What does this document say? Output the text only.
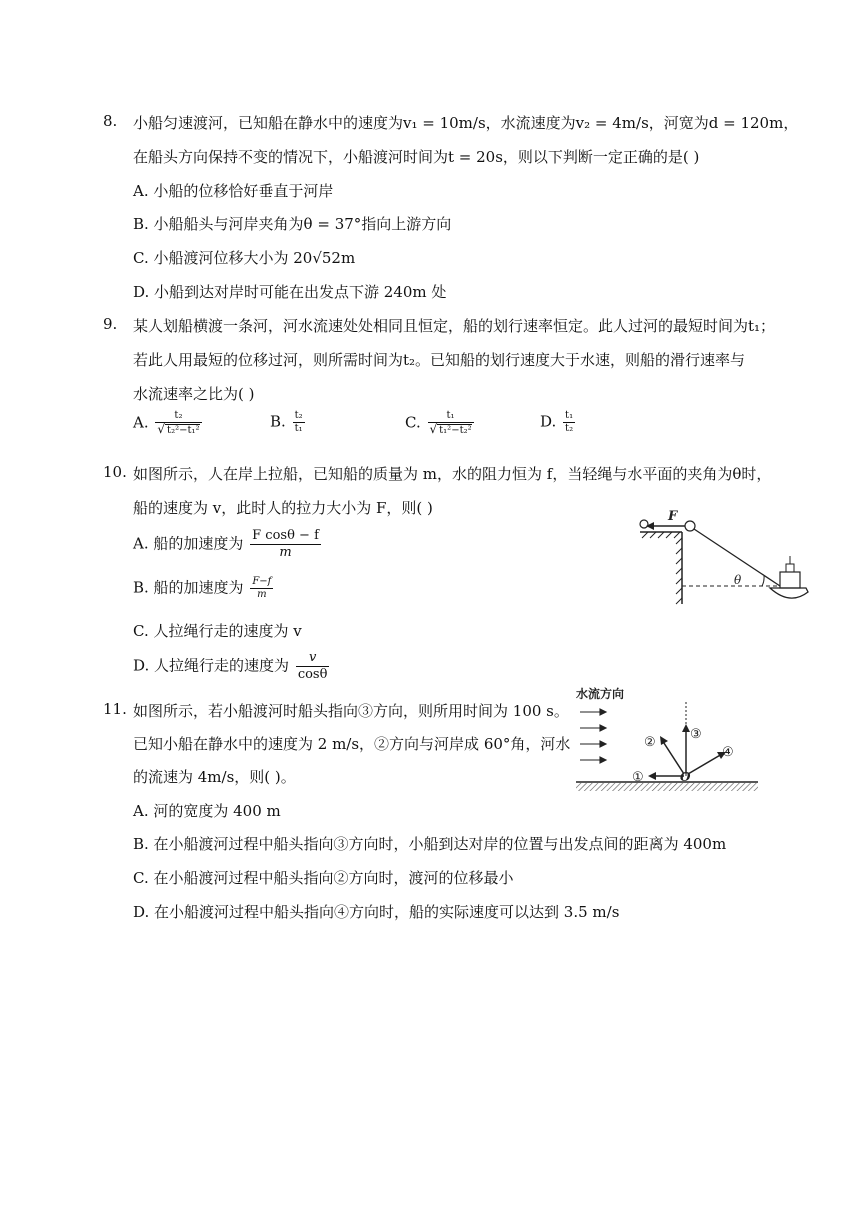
8. 小船匀速渡河，已知船在静水中的速度为v₁ = 10m/s，水流速度为v₂ = 4m/s，河宽为d = 120m，
在船头方向保持不变的情况下，小船渡河时间为t = 20s，则以下判断一定正确的是( )
A. 小船的位移恰好垂直于河岸
B. 小船船头与河岸夹角为θ = 37°指向上游方向
C. 小船渡河位移大小为 20√52m
D. 小船到达对岸时可能在出发点下游 240m 处
9. 某人划船横渡一条河，河水流速处处相同且恒定，船的划行速率恒定。此人过河的最短时间为t₁；
若此人用最短的位移过河，则所需时间为t₂。已知船的划行速度大于水速，则船的滑行速率与
水流速率之比为( )
A. $\frac{\text{t₂}}{\text{√ t₂²−t₁²}}$	B. $\frac{\text{t₂}}{\text{t₁}}$	C. $\frac{\text{t₁}}{\text{√ t₁²−t₂²}}$	D. $\frac{\text{t₁}}{\text{t₂}}$
10. 如图所示，人在岸上拉船，已知船的质量为 m，水的阻力恒为 f，当轻绳与水平面的夹角为θ时，
船的速度为 v，此时人的拉力大小为 F，则( )
A. 船的加速度为 $\frac{\text{F cosθ − f}}{m}$
B. 船的加速度为 $\frac{F-f}{m}$
C. 人拉绳行走的速度为 v
D. 人拉绳行走的速度为 $\frac{v}{\cos\theta}$
F
θ
11. 如图所示，若小船渡河时船头指向③方向，则所用时间为 100 s。
已知小船在静水中的速度为 2 m/s，②方向与河岸成 60°角，河水
的流速为 4m/s，则( )。
A. 河的宽度为 400 m
B. 在小船渡河过程中船头指向③方向时，小船到达对岸的位置与出发点间的距离为 400m
C. 在小船渡河过程中船头指向②方向时，渡河的位移最小
D. 在小船渡河过程中船头指向④方向时，船的实际速度可以达到 3.5 m/s
水流方向
①
②
③
④
O
